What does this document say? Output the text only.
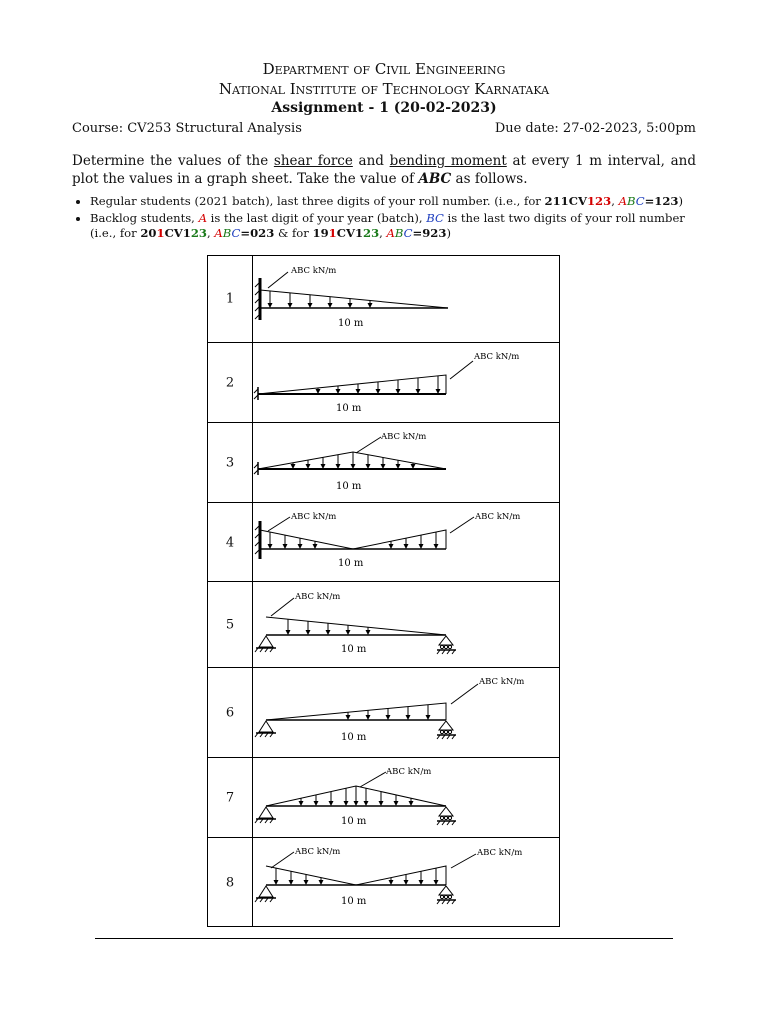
Department of Civil Engineering
National Institute of Technology Karnataka
Assignment - 1 (20-02-2023)
Course: CV253 Structural Analysis	Due date: 27-02-2023, 5:00pm
Determine the values of the shear force and bending moment at every 1 m interval, and plot the values in a graph sheet. Take the value of ABC as follows.
• Regular students (2021 batch), last three digits of your roll number. (i.e., for 211CV123, ABC=123)
• Backlog students, A is the last digit of your year (batch), BC is the last two digits of your roll number (i.e., for 201CV123, ABC=023 & for 191CV123, ABC=923)
1
ABC kN/m
10 m
2
ABC kN/m
10 m
3
ABC kN/m
10 m
4
ABC kN/m	ABC kN/m
10 m
5
ABC kN/m
10 m
6
ABC kN/m
10 m
7
ABC kN/m
10 m
8
ABC kN/m	ABC kN/m
10 m
